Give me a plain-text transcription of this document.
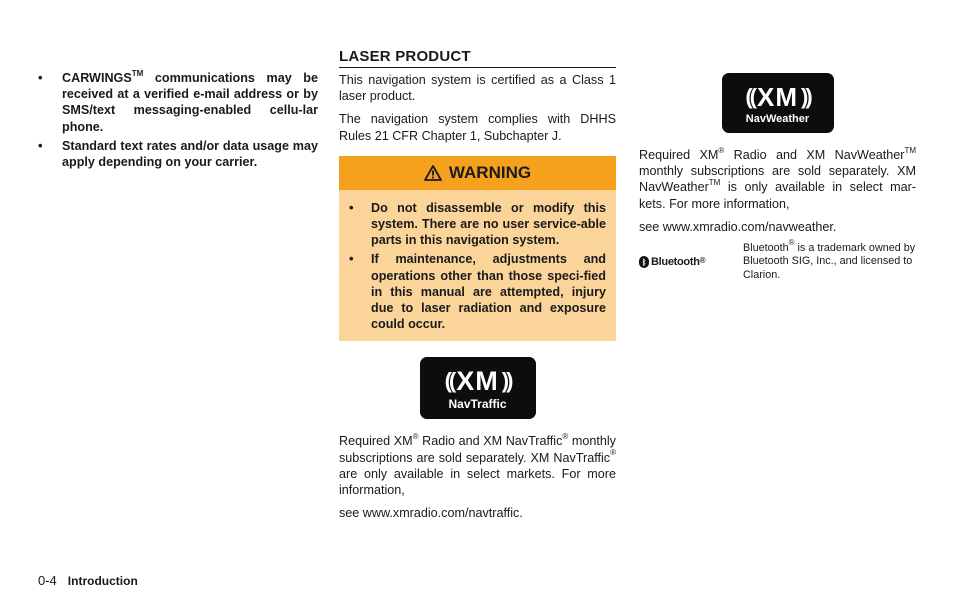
• CARWINGS™ communications may be received at a verified e-mail address or by SMS/text messaging-enabled cellu-lar phone.
• Standard text rates and/or data usage may apply depending on your carrier.
LASER PRODUCT

This navigation system is certified as a Class 1 laser product.

The navigation system complies with DHHS Rules 21 CFR Chapter 1, Subchapter J.

WARNING
• Do not disassemble or modify this system. There are no user service-able parts in this navigation system.
• If maintenance, adjustments and operations other than those speci-fied in this manual are attempted, injury due to laser radiation and exposure could occur.
(( XM ))
NavTraffic

Required XM® Radio and XM NavTraffic® monthly subscriptions are sold separately. XM NavTraffic® are only available in select markets. For more information,

see www.xmradio.com/navtraffic.

(( XM ))
NavWeather

Required XM® Radio and XM NavWeather™ monthly subscriptions are sold separately. XM NavWeather™ is only available in select mar-kets. For more information,

see www.xmradio.com/navweather.

ᛒ Bluetooth®
Bluetooth® is a trademark owned by Bluetooth SIG, Inc., and licensed to Clarion.
0-4 Introduction
